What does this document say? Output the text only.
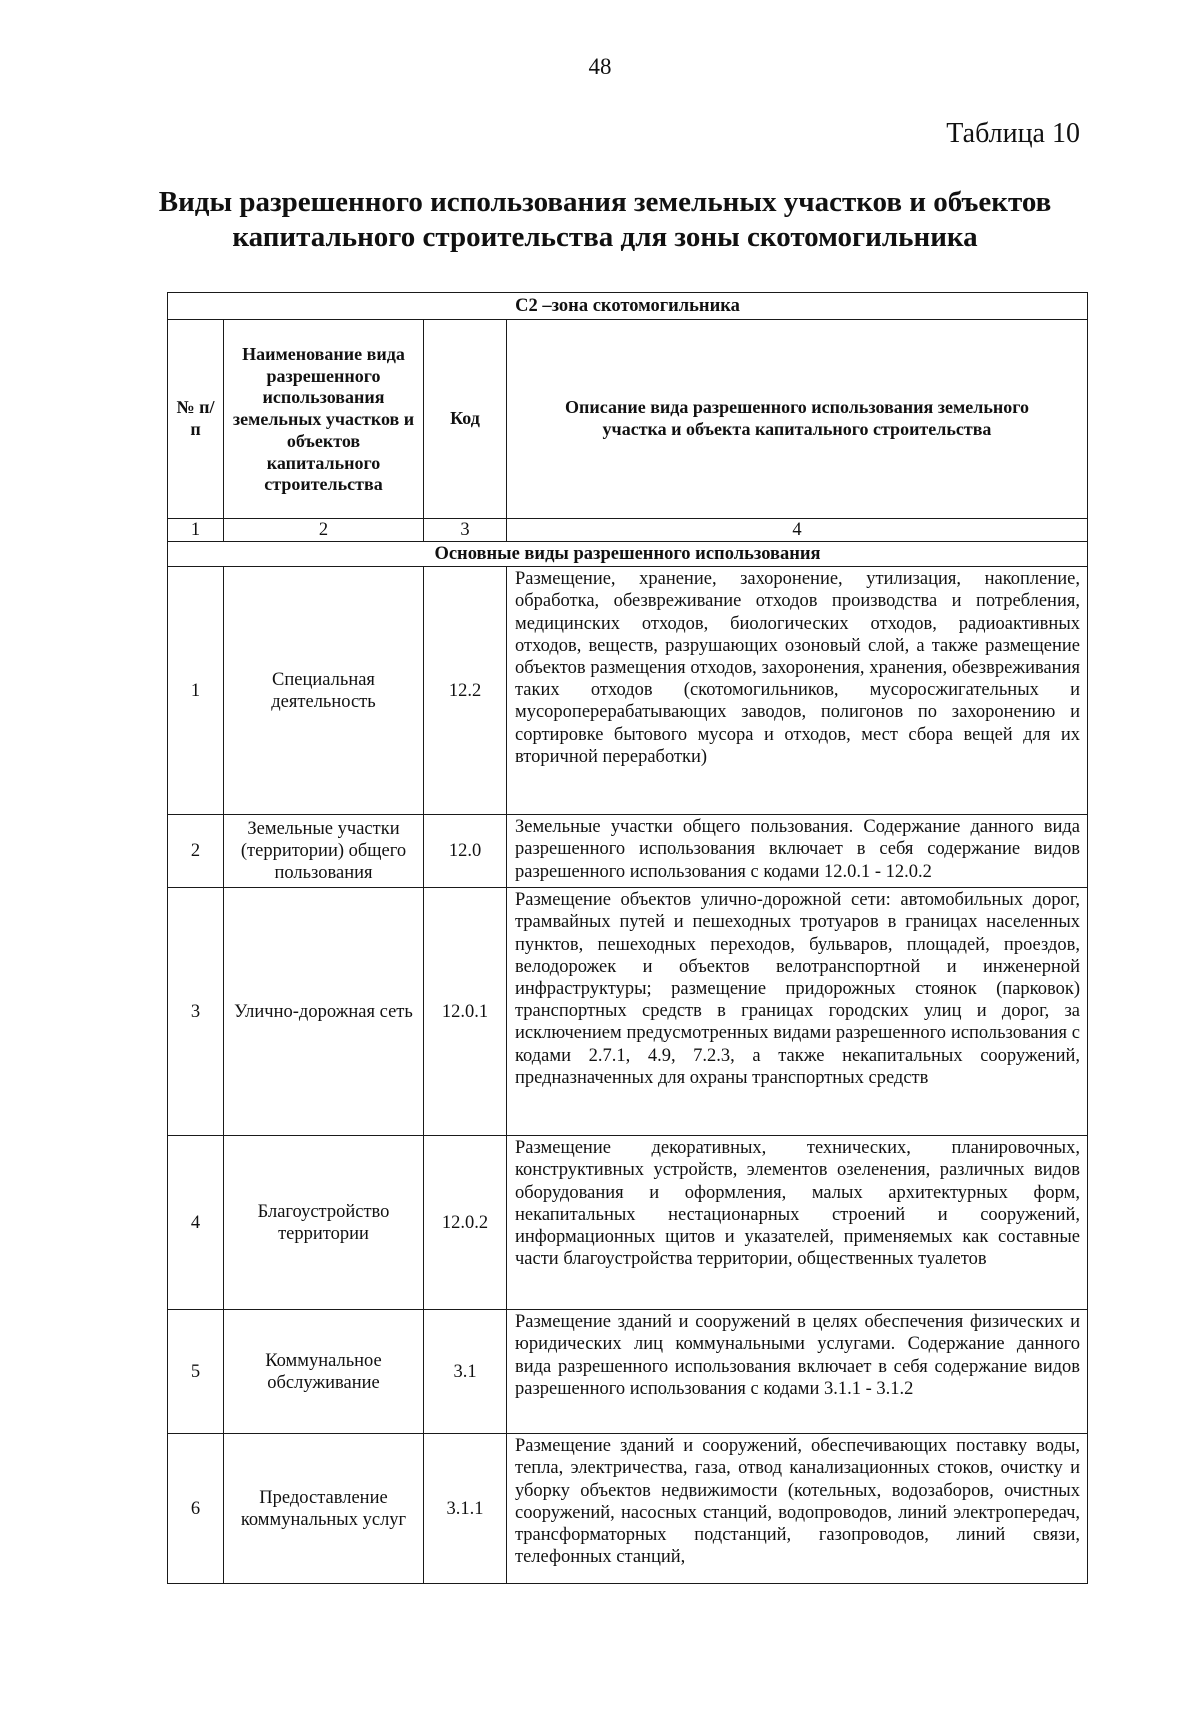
48
Таблица 10
Виды разрешенного использования земельных участков и объектов капитального строительства для зоны скотомогильника
С2 –зона скотомогильника			
№ п/п	Наименование вида разрешенного использования земельных участков и объектов капитального строительства	Код	Описание вида разрешенного использования земельного участка и объекта капитального строительства
1	2	3	4
Основные виды разрешенного использования			
1	Специальная деятельность	12.2	Размещение, хранение, захоронение, утилизация, накопление, обработка, обезвреживание отходов производства и потребления, медицинских отходов, биологических отходов, радиоактивных отходов, веществ, разрушающих озоновый слой, а также размещение объектов размещения отходов, захоронения, хранения, обезвреживания таких отходов (скотомогильников, мусоросжигательных и мусороперерабатывающих заводов, полигонов по захоронению и сортировке бытового мусора и отходов, мест сбора вещей для их вторичной переработки)
2	Земельные участки (территории) общего пользования	12.0	Земельные участки общего пользования. Содержание данного вида разрешенного использования включает в себя содержание видов разрешенного использования с кодами 12.0.1 - 12.0.2
3	Улично-дорожная сеть	12.0.1	Размещение объектов улично-дорожной сети: автомобильных дорог, трамвайных путей и пешеходных тротуаров в границах населенных пунктов, пешеходных переходов, бульваров, площадей, проездов, велодорожек и объектов велотранспортной и инженерной инфраструктуры; размещение придорожных стоянок (парковок) транспортных средств в границах городских улиц и дорог, за исключением предусмотренных видами разрешенного использования с кодами 2.7.1, 4.9, 7.2.3, а также некапитальных сооружений, предназначенных для охраны транспортных средств
4	Благоустройство территории	12.0.2	Размещение декоративных, технических, планировочных, конструктивных устройств, элементов озеленения, различных видов оборудования и оформления, малых архитектурных форм, некапитальных нестационарных строений и сооружений, информационных щитов и указателей, применяемых как составные части благоустройства территории, общественных туалетов
5	Коммунальное обслуживание	3.1	Размещение зданий и сооружений в целях обеспечения физических и юридических лиц коммунальными услугами. Содержание данного вида разрешенного использования включает в себя содержание видов разрешенного использования с кодами 3.1.1 - 3.1.2
6	Предоставление коммунальных услуг	3.1.1	Размещение зданий и сооружений, обеспечивающих поставку воды, тепла, электричества, газа, отвод канализационных стоков, очистку и уборку объектов недвижимости (котельных, водозаборов, очистных сооружений, насосных станций, водопроводов, линий электропередач, трансформаторных подстанций, газопроводов, линий связи, телефонных станций,
